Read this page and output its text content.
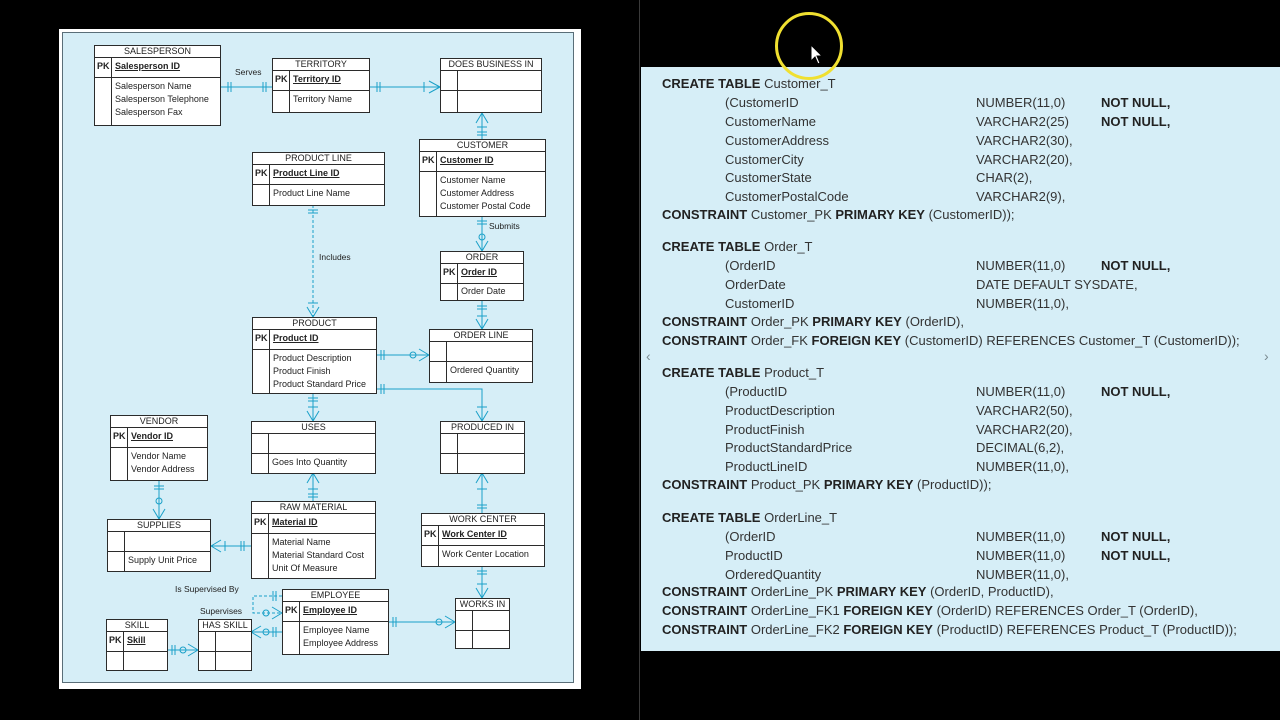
SALESPERSON
PK Salesperson ID
Salesperson Name
Salesperson Telephone
Salesperson Fax
TERRITORY
PK Territory ID
Territory Name
DOES BUSINESS IN
CUSTOMER
PK Customer ID
Customer Name
Customer Address
Customer Postal Code
PRODUCT LINE
PK Product Line ID
Product Line Name
ORDER
PK Order ID
Order Date
PRODUCT
PK Product ID
Product Description
Product Finish
Product Standard Price
ORDER LINE
Ordered Quantity
VENDOR
PK Vendor ID
Vendor Name
Vendor Address
USES
Goes Into Quantity
PRODUCED IN
SUPPLIES
Supply Unit Price
RAW MATERIAL
PK Material ID
Material Name
Material Standard Cost
Unit Of Measure
WORK CENTER
PK Work Center ID
Work Center Location
EMPLOYEE
PK Employee ID
Employee Name
Employee Address
WORKS IN
SKILL
PK Skill
HAS SKILL
Serves
Submits
Includes
Is Supervised By
Supervises
CREATE TABLE Customer_T
(CustomerID	NUMBER(11,0)	NOT NULL,
CustomerName	VARCHAR2(25) NOT NULL,
CustomerAddress	VARCHAR2(30),
CustomerCity	VARCHAR2(20),
CustomerState	CHAR(2),
CustomerPostalCode	VARCHAR2(9),
CONSTRAINT Customer_PK PRIMARY KEY (CustomerID));
CREATE TABLE Order_T
(OrderID	NUMBER(11,0)	NOT NULL,
OrderDate	DATE DEFAULT SYSDATE,
CustomerID	NUMBER(11,0),
CONSTRAINT Order_PK PRIMARY KEY (OrderID),
CONSTRAINT Order_FK FOREIGN KEY (CustomerID) REFERENCES Customer_T (CustomerID));
CREATE TABLE Product_T
(ProductID	NUMBER(11,0)	NOT NULL,
ProductDescription	VARCHAR2(50),
ProductFinish	VARCHAR2(20),
ProductStandardPrice	DECIMAL(6,2),
ProductLineID	NUMBER(11,0),
CONSTRAINT Product_PK PRIMARY KEY (ProductID));
CREATE TABLE OrderLine_T
(OrderID	NUMBER(11,0)	NOT NULL,
ProductID	NUMBER(11,0)	NOT NULL,
OrderedQuantity	NUMBER(11,0),
CONSTRAINT OrderLine_PK PRIMARY KEY (OrderID, ProductID),
CONSTRAINT OrderLine_FK1 FOREIGN KEY (OrderID) REFERENCES Order_T (OrderID),
CONSTRAINT OrderLine_FK2 FOREIGN KEY (ProductID) REFERENCES Product_T (ProductID));
‹	›
